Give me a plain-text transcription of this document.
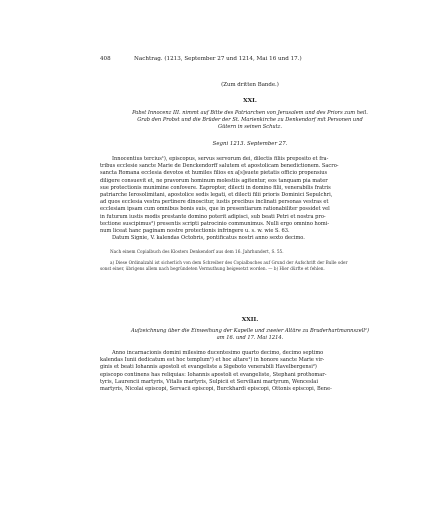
408	Nachtrag. (1213, September 27 und 1214, Mai 16 und 17.)
(Zum dritten Bande.)
XXI.
Pabst Innocenz III. nimmt auf Bitte des Patriarchen von Jerusalem und des Priors zum heil.
Grab den Probst und die Brüder der St. Marienkirche zu Denkendorf mit Personen und
Gütern in seinen Schutz.
Segni 1213. September 27.
Innocentius tercius¹), episcopus, servus servorum dei, dilectis filiis preposito et fra-
tribus ecclesie sancte Marie de Denckendorff salutem et apostolicam benedictionem. Sacro-
sancta Romana ecclesia devotos et humiles filios ex a[s]suete pietatis officio propensius
diligere consuevit et, ne pravorum hominum molestiis agitentur, eos tanquam pia mater
sue protectionis munimine confovere. Eapropter, dilecti in domino filii, venerabilis fratris
patriarche Ierosolimitani, apostolice sedis legati, et dilecti filii prioris Dominici Sepulchri,
ad quos ecclesia vestra pertinere dinoscitur, iustis precibus inclinati personas vestras et
ecclesiam ipsam cum omnibus bonis suis, que in presentiarum rationabiliter possidet vel
in futurum iustis modis prestante domino poterit adipisci, sub beati Petri et nostra pro-
tectione suscipimus²) presentis scripti patrocinio communimus. Nulli ergo omnino homi-
num liceat hanc paginam nostre protectionis infringere u. s. w. wie S. 63.
Datum Signie, V. kalendas Octobris, pontificatus nostri anno sexto decimo.
Nach einem Copialbuch des Klosters Denkendorf aus dem 16. Jahrhundert, S. 55.
a) Diese Ordinalzahl ist sicherlich von dem Schreiber des Copialbuches auf Grund der Aufschrift der Bulle oder
sonst einer, übrigens allem nach begründeten Vermuthung beigesetzt worden. — b) Hier dürfte et fehlen.
XXII.
Aufzeichnung über die Einweihung der Kapelle und zweier Altäre zu Bruderhartmannszell¹)
am 16. und 17. Mai 1214.
Anno incarnacionis domini milesimo ducentesimo quarto decimo, decimo septimo
kalendas Iunii dedicatum est hoc templum¹) et hoc altare¹) in honore sancte Marie vir-
ginis et beati Iohannis apostoli et evangeliste a Sigeboto venerabili Havelbergensi²)
episcopo continens has reliquias: Iohannis apostoli et evangeliste, Stephani prothomar-
tyris, Laurencii martyris, Vitalis martyris, Sulpicii et Serviliani martyrum, Wenceslai
martyris, Nicolai episcopi, Servacii episcopi, Burckhardi episcopi, Ottonis episcopi, Bene-
